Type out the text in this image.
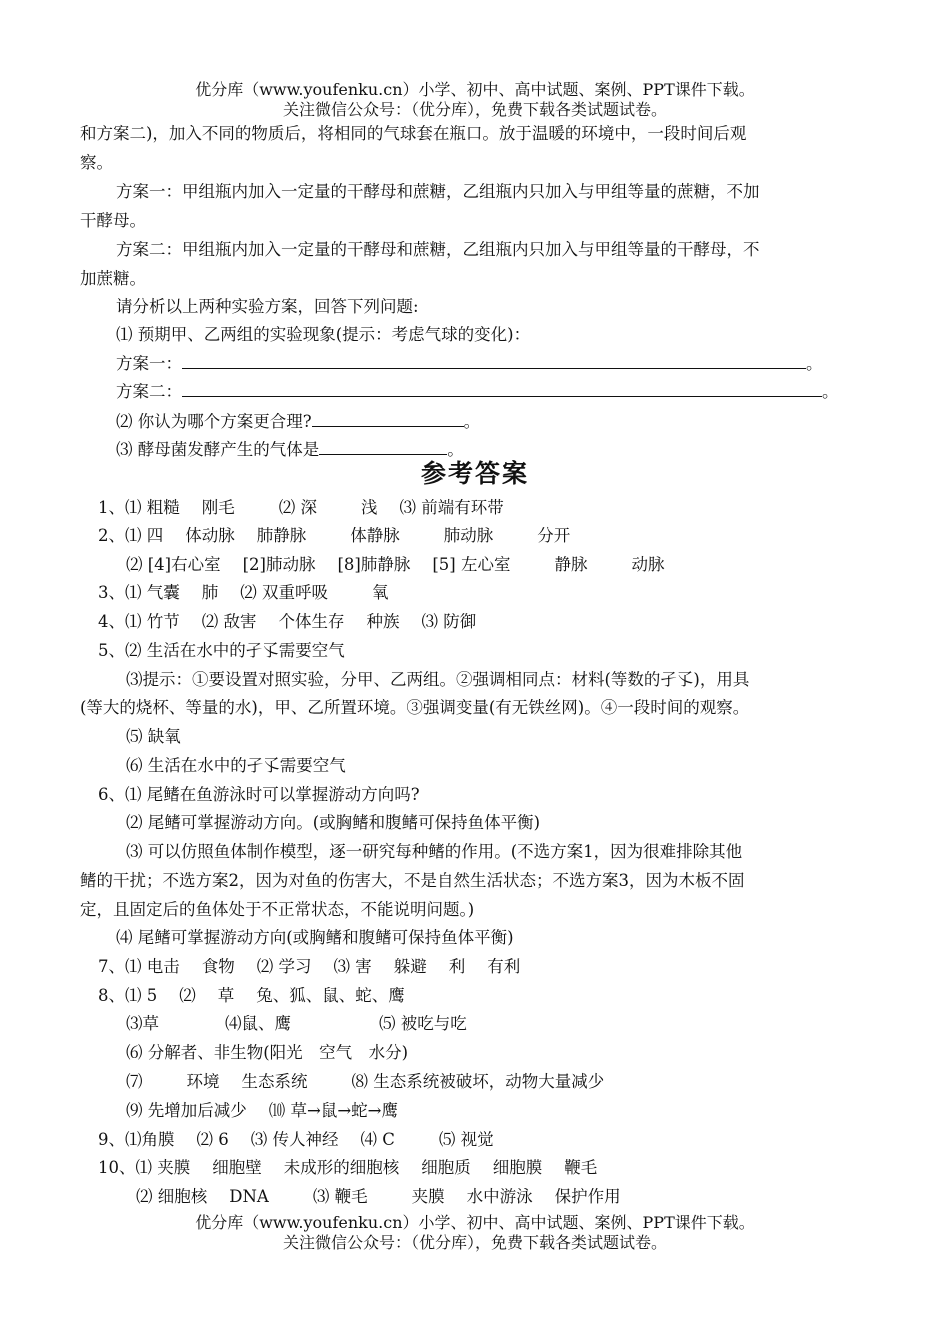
优分库（www.youfenku.cn）小学、初中、高中试题、案例、PPT课件下载。
关注微信公众号：（优分库），免费下载各类试题试卷。
和方案二)，加入不同的物质后，将相同的气球套在瓶口。放于温暖的环境中，一段时间后观
察。
方案一：甲组瓶内加入一定量的干酵母和蔗糖，乙组瓶内只加入与甲组等量的蔗糖，不加
干酵母。
方案二：甲组瓶内加入一定量的干酵母和蔗糖，乙组瓶内只加入与甲组等量的干酵母，不
加蔗糖。
请分析以上两种实验方案，回答下列问题:
⑴ 预期甲、乙两组的实验现象(提示：考虑气球的变化)：
方案一：	。
方案二：	。
⑵ 你认为哪个方案更合理?	。
⑶ 酵母菌发酵产生的气体是	。
参考答案
1、⑴ 粗糙 刚毛	⑵ 深	浅 ⑶ 前端有环带
2、⑴ 四 体动脉 肺静脉	体静脉	肺动脉	分开
⑵ [4]右心室 [2]肺动脉 [8]肺静脉 [5] 左心室	静脉	动脉
3、⑴ 气囊 肺 ⑵ 双重呼吸	氧
4、⑴ 竹节 ⑵ 敌害 个体生存 种族 ⑶ 防御
5、⑵ 生活在水中的孑孓需要空气
⑶提示：①要设置对照实验，分甲、乙两组。②强调相同点：材料(等数的孑孓)，用具
(等大的烧杯、等量的水)，甲、乙所置环境。③强调变量(有无铁丝网)。④一段时间的观察。
⑸ 缺氧
⑹ 生活在水中的孑孓需要空气
6、⑴ 尾鳍在鱼游泳时可以掌握游动方向吗?
⑵ 尾鳍可掌握游动方向。(或胸鳍和腹鳍可保持鱼体平衡)
⑶ 可以仿照鱼体制作模型，逐一研究每种鳍的作用。(不选方案1，因为很难排除其他
鳍的干扰；不选方案2，因为对鱼的伤害大，不是自然生活状态；不选方案3，因为木板不固
定，且固定后的鱼体处于不正常状态，不能说明问题。)
⑷ 尾鳍可掌握游动方向(或胸鳍和腹鳍可保持鱼体平衡)
7、⑴ 电击 食物 ⑵ 学习 ⑶ 害 躲避 利 有利
8、⑴ 5 ⑵ 草 兔、狐、鼠、蛇、鹰
⑶草	⑷鼠、鹰	⑸ 被吃与吃
⑹ 分解者、非生物(阳光　空气　水分)
⑺	环境 生态系统	⑻ 生态系统被破坏，动物大量减少
⑼ 先增加后减少 ⑽ 草→鼠→蛇→鹰
9、⑴角膜 ⑵ 6 ⑶ 传人神经 ⑷ C	⑸ 视觉
10、⑴ 夹膜 细胞壁 未成形的细胞核 细胞质 细胞膜 鞭毛
⑵ 细胞核 DNA	⑶ 鞭毛	夹膜 水中游泳 保护作用
优分库（www.youfenku.cn）小学、初中、高中试题、案例、PPT课件下载。
关注微信公众号：（优分库），免费下载各类试题试卷。
